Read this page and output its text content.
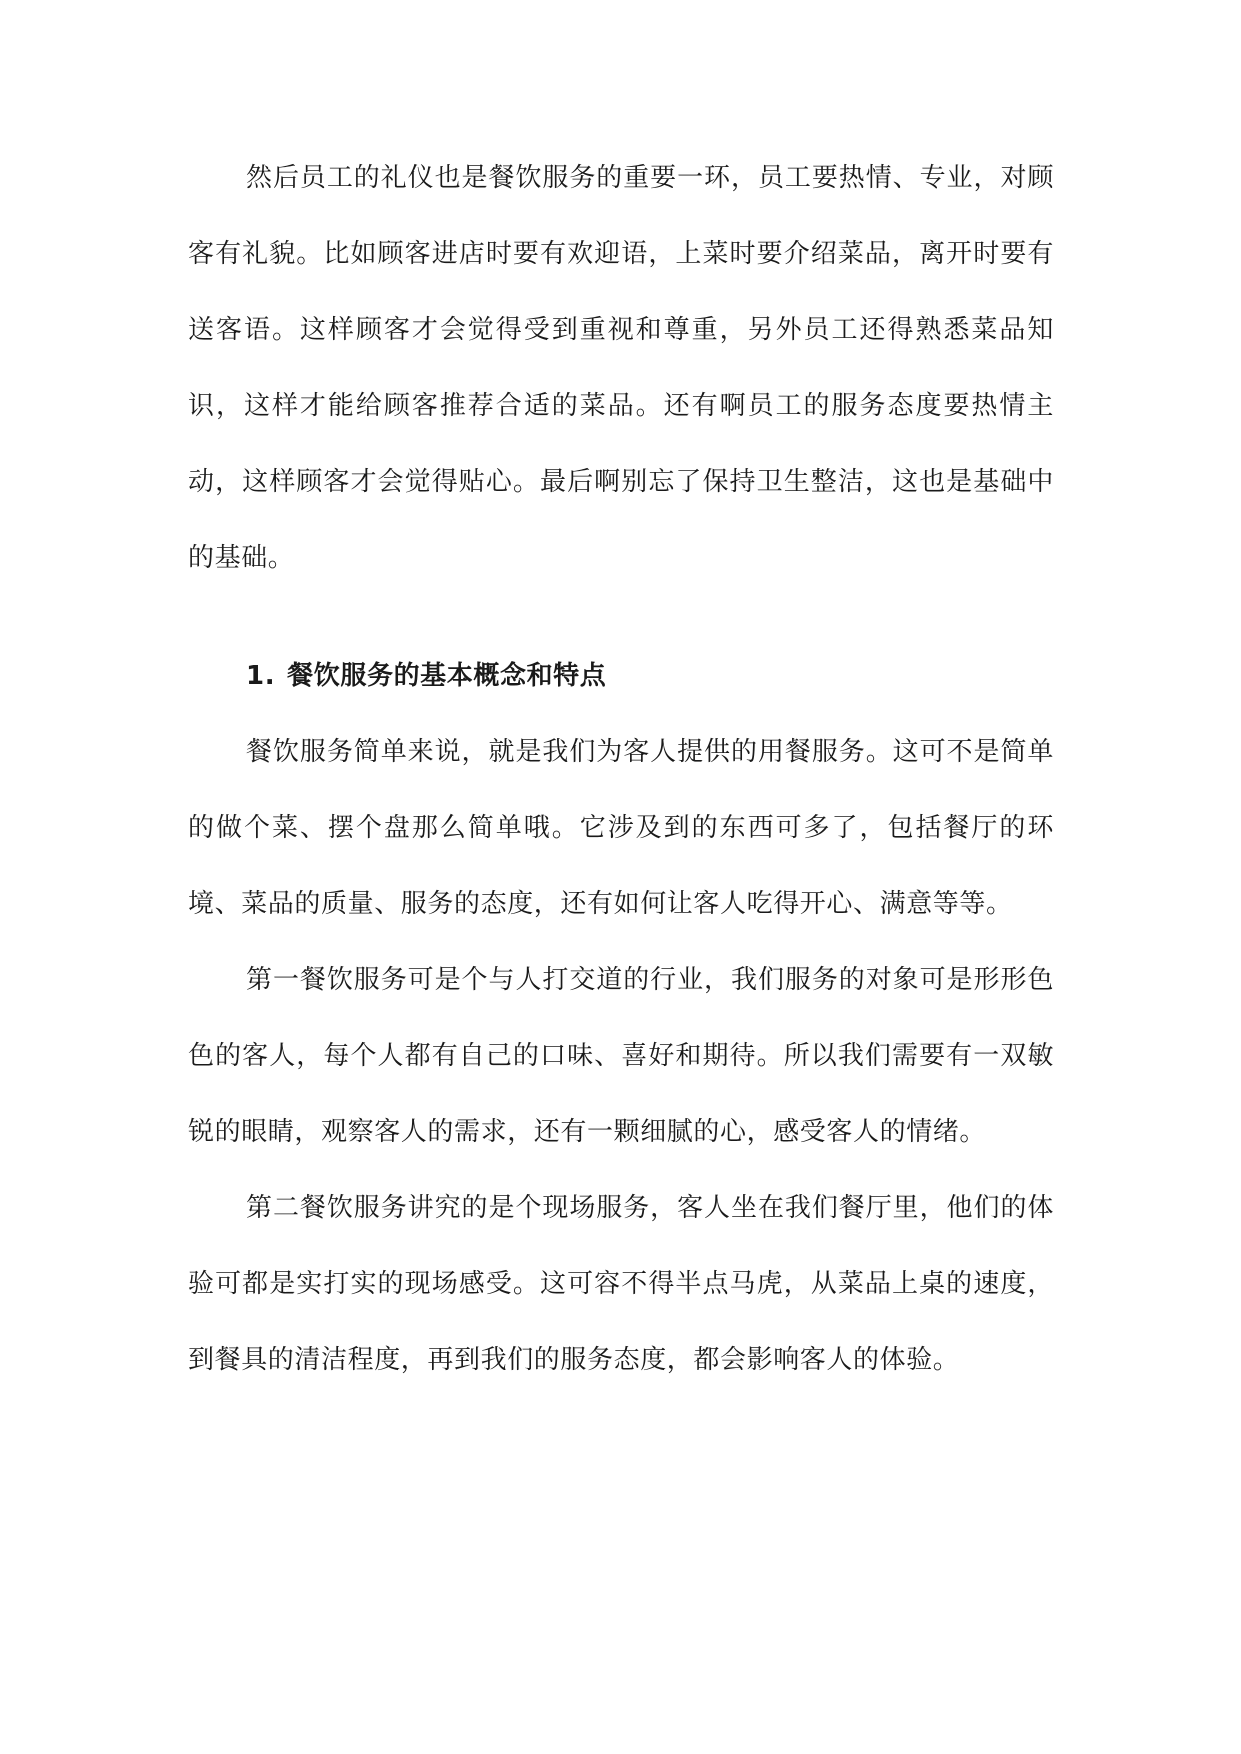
然后员工的礼仪也是餐饮服务的重要一环，员工要热情、专业，对顾客有礼貌。比如顾客进店时要有欢迎语，上菜时要介绍菜品，离开时要有送客语。这样顾客才会觉得受到重视和尊重，另外员工还得熟悉菜品知识，这样才能给顾客推荐合适的菜品。还有啊员工的服务态度要热情主动，这样顾客才会觉得贴心。最后啊别忘了保持卫生整洁，这也是基础中的基础。

1. 餐饮服务的基本概念和特点

餐饮服务简单来说，就是我们为客人提供的用餐服务。这可不是简单的做个菜、摆个盘那么简单哦。它涉及到的东西可多了，包括餐厅的环境、菜品的质量、服务的态度，还有如何让客人吃得开心、满意等等。

第一餐饮服务可是个与人打交道的行业，我们服务的对象可是形形色色的客人，每个人都有自己的口味、喜好和期待。所以我们需要有一双敏锐的眼睛，观察客人的需求，还有一颗细腻的心，感受客人的情绪。

第二餐饮服务讲究的是个现场服务，客人坐在我们餐厅里，他们的体验可都是实打实的现场感受。这可容不得半点马虎，从菜品上桌的速度，到餐具的清洁程度，再到我们的服务态度，都会影响客人的体验。
